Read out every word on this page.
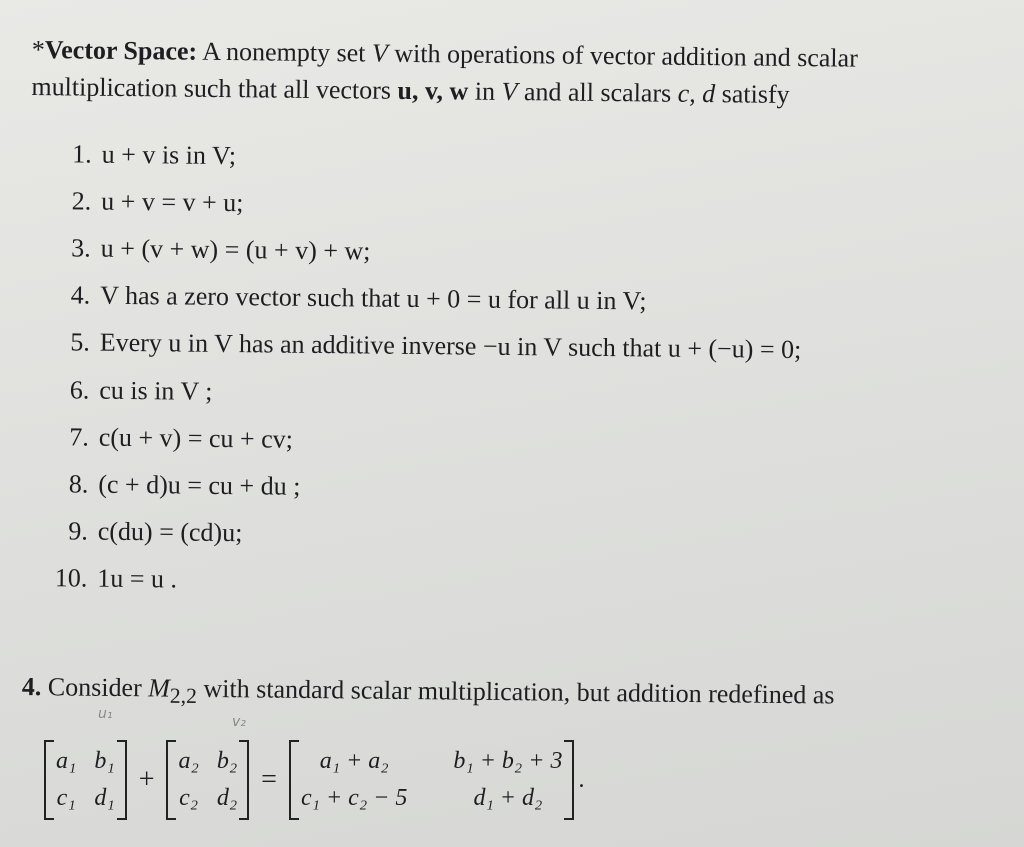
*Vector Space: A nonempty set V with operations of vector addition and scalar multiplication such that all vectors u, v, w in V and all scalars c, d satisfy
1. u + v is in V;
2. u + v = v + u;
3. u + (v + w) = (u + v) + w;
4. V has a zero vector such that u + 0 = u for all u in V;
5. Every u in V has an additive inverse −u in V such that u + (−u) = 0;
6. cu is in V ;
7. c(u + v) = cu + cv;
8. (c + d)u = cu + du ;
9. c(du) = (cd)u;
10. 1u = u .
4. Consider $M_{2,2}$ with standard scalar multiplication, but addition redefined as
u₁	v₂
a₁ b₁
c₁ d₁
+
a₂ b₂
c₂ d₂
=
a₁ + a₂	b₁ + b₂ + 3
c₁ + c₂ − 5	d₁ + d₂
.
